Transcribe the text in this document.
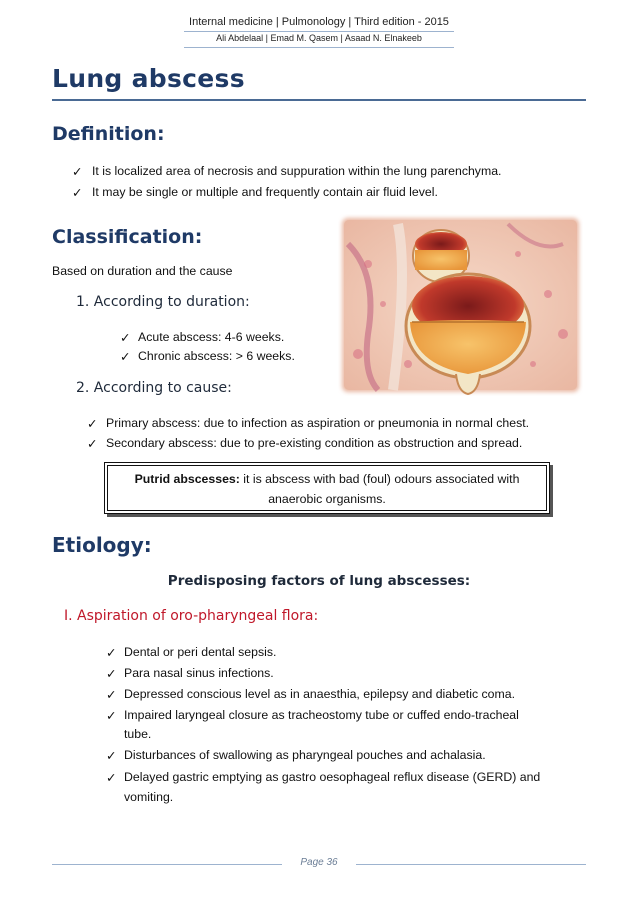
Internal medicine | Pulmonology | Third edition - 2015
Ali Abdelaal | Emad M. Qasem | Asaad N. Elnakeeb
Lung abscess
Definition:
✓ It is localized area of necrosis and suppuration within the lung parenchyma.
✓ It may be single or multiple and frequently contain air fluid level.
Classification:
Based on duration and the cause
1. According to duration:
✓ Acute abscess: 4-6 weeks.
✓ Chronic abscess: > 6 weeks.
2. According to cause:
✓ Primary abscess: due to infection as aspiration or pneumonia in normal chest.
✓ Secondary abscess: due to pre-existing condition as obstruction and spread.
Putrid abscesses: it is abscess with bad (foul) odours associated with
anaerobic organisms.
Etiology:
Predisposing factors of lung abscesses:
I. Aspiration of oro-pharyngeal flora:
✓ Dental or peri dental sepsis.
✓ Para nasal sinus infections.
✓ Depressed conscious level as in anaesthia, epilepsy and diabetic coma.
✓ Impaired laryngeal closure as tracheostomy tube or cuffed endo-tracheal
tube.
✓ Disturbances of swallowing as pharyngeal pouches and achalasia.
✓ Delayed gastric emptying as gastro oesophageal reflux disease (GERD) and
vomiting.
Page 36
